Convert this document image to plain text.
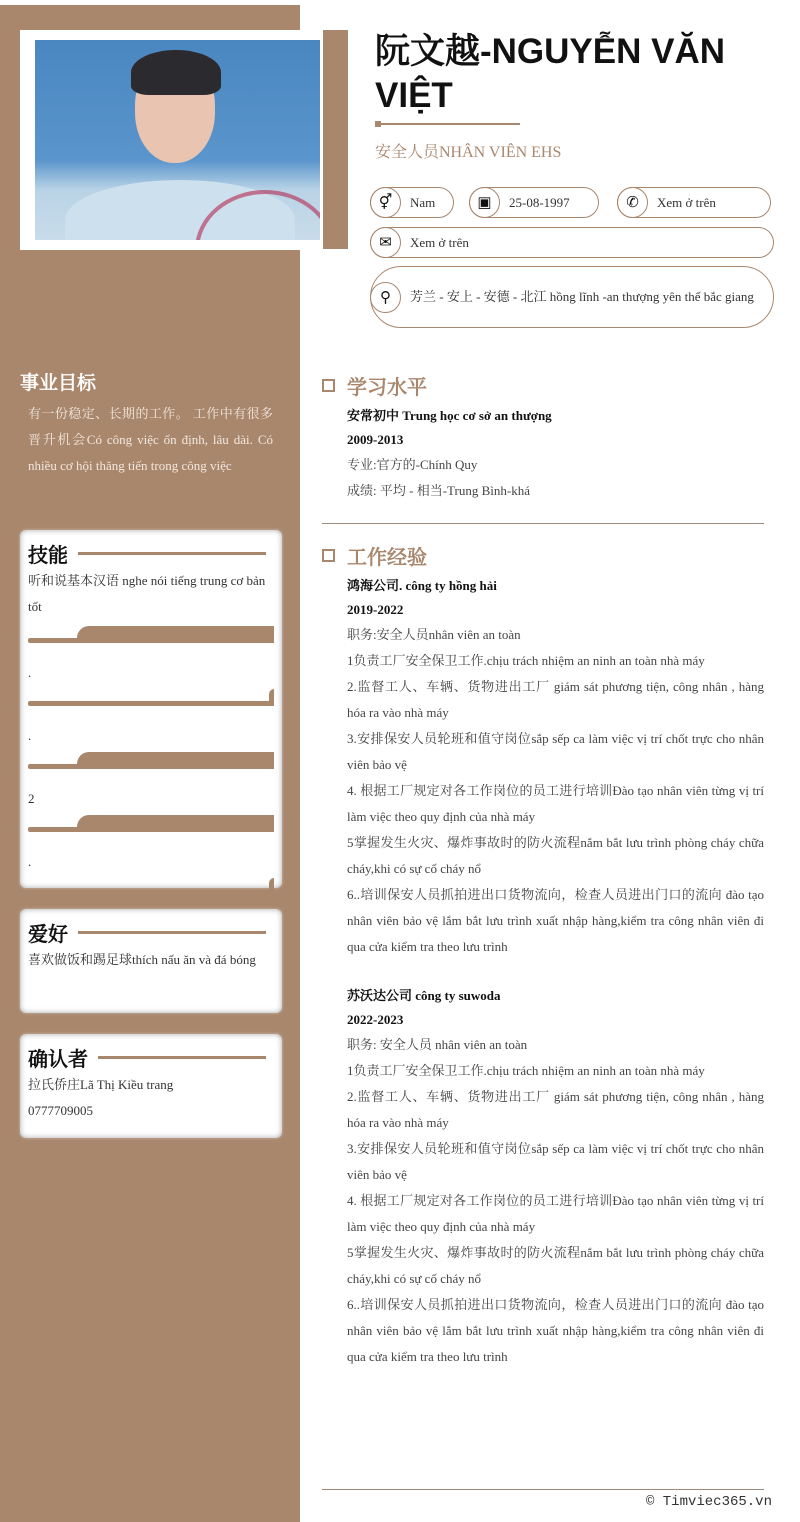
阮文越-NGUYỄN VĂN VIỆT
安全人员NHÂN VIÊN EHS
⚥	Nam	▣	25-08-1997	✆	Xem ở trên
✉	Xem ở trên
⚲	芳兰 - 安上 - 安德 - 北江 hồng lĩnh -an thượng yên thế bắc giang
事业目标
有一份稳定、长期的工作。 工作中有很多晋升机会Có công việc ổn định, lâu dài. Có nhiều cơ hội thăng tiến trong công việc
技能
听和说基本汉语 nghe nói tiếng trung cơ bản tốt
.
.
2
.
爱好
喜欢做饭和踢足球thích nấu ăn và đá bóng
确认者
拉氏侨庄Lã Thị Kiều trang
0777709005
学习水平
安常初中 Trung học cơ sở an thượng
2009-2013
专业:官方的-Chính Quy
成绩: 平均 - 相当-Trung Bình-khá
工作经验
鸿海公司. công ty hồng hải
2019-2022
职务:安全人员nhân viên an toàn
1负责工厂安全保卫工作.chịu trách nhiệm an ninh an toàn nhà máy
2.监督工人、车辆、货物进出工厂 giám sát phương tiện, công nhân , hàng hóa ra vào nhà máy
3.安排保安人员轮班和值守岗位sắp sếp ca làm việc vị trí chốt trực cho nhân viên bảo vệ
4. 根据工厂规定对各工作岗位的员工进行培训Đào tạo nhân viên từng vị trí làm việc theo quy định của nhà máy
5掌握发生火灾、爆炸事故时的防火流程nắm bắt lưu trình phòng cháy chữa cháy,khi có sự cố cháy nổ
6..培训保安人员抓拍进出口货物流向，检查人员进出门口的流向 đào tạo nhân viên bảo vệ lắm bắt lưu trình xuất nhập hàng,kiểm tra công nhân viên đi qua cửa kiểm tra theo lưu trình
苏沃达公司 công ty suwoda
2022-2023
职务: 安全人员 nhân viên an toàn
1负责工厂安全保卫工作.chịu trách nhiệm an ninh an toàn nhà máy
2.监督工人、车辆、货物进出工厂 giám sát phương tiện, công nhân , hàng hóa ra vào nhà máy
3.安排保安人员轮班和值守岗位sắp sếp ca làm việc vị trí chốt trực cho nhân viên bảo vệ
4. 根据工厂规定对各工作岗位的员工进行培训Đào tạo nhân viên từng vị trí làm việc theo quy định của nhà máy
5掌握发生火灾、爆炸事故时的防火流程nắm bắt lưu trình phòng cháy chữa cháy,khi có sự cố cháy nổ
6..培训保安人员抓拍进出口货物流向，检查人员进出门口的流向 đào tạo nhân viên bảo vệ lắm bắt lưu trình xuất nhập hàng,kiểm tra công nhân viên đi qua cửa kiểm tra theo lưu trình
© Timviec365.vn
